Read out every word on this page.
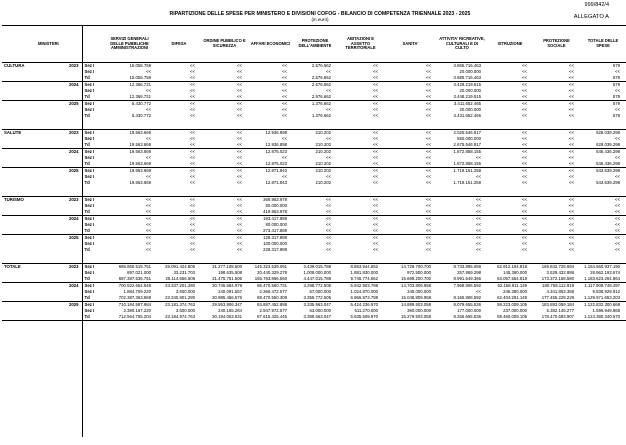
999/842/4
RIPARTIZIONE DELLE SPESE PER MINISTERO E DIVISIONI COFOG - BILANCIO DI COMPETENZA TRIENNALE 2023 - 2025
(in euro)	ALLEGATO A
MINISTERI			SERVIZI GENERALI DELLE PUBBLICHE AMMINISTRAZIONI	DIFESA	ORDINE PUBBLICO E SICUREZZA	AFFARI ECONOMICI	PROTEZIONE DELL'AMBIENTE	ABITAZIONI E ASSETTO TERRITORIALE	SANITA'	ATTIVITA' RICREATIVE, CULTURALI E DI CULTO	ISTRUZIONE	PROTEZIONE SOCIALE	TOTALE DELLE SPESE	
CULTURA	2023	Sez I	15.055.759	<<	<<	<<	2.576.662	<<	<<	3.865.716.463	<<	<<	579	
		Sez I	<<	<<	<<	<<	<<	<<	<<	20.000.000	<<	<<	<<	
		Td	15.055.759	<<	<<	<<	2.576.662	<<	<<	3.885.716.463	<<	<<	579	
	2024	Sez I	12.366.721	<<	<<	<<	2.576.662	<<	<<	3.428.219.515	<<	<<	579	
		Sez I	<<	<<	<<	<<	<<	<<	<<	20.000.000	<<	<<	<<	
		Td	12.366.721	<<	<<	<<	2.576.662	<<	<<	3.448.219.515	<<	<<	579	
	2025	Sez I	5.430.772	<<	<<	<<	1.376.662	<<	<<	3.411.652.465	<<	<<	579	
		Sez I	<<	<<	<<	<<	<<	<<	<<	20.000.000	<<	<<	<<	
		Td	5.430.772	<<	<<	<<	1.376.662	<<	<<	3.431.652.465	<<	<<	579	

SALUTE	2023	Sez I	19.563.669	<<	<<	12.936.898	210.202	<<	<<	2.025.546.917	<<	<<	628.039.298	
		Sez I	<<	<<	<<	<<	<<	<<	<<	650.000.000	<<	<<	<<	
		Td	19.563.669	<<	<<	12.936.898	210.202	<<	<<	2.675.546.917	<<	<<	628.039.298	
	2024	Sez I	19.563.669	<<	<<	12.875.023	210.202	<<	<<	1.872.858.155	<<	<<	546.436.298	
		Sez I	<<	<<	<<	<<	<<	<<	<<	<<	<<	<<	<<	
		Td	19.563.669	<<	<<	12.875.023	210.202	<<	<<	1.872.858.155	<<	<<	546.436.298	
	2025	Sez I	19.563.669	<<	<<	12.871.843	210.202	<<	<<	1.719.151.258	<<	<<	543.639.298	
		Sez I	<<	<<	<<	<<	<<	<<	<<	<<	<<	<<	<<	
		Td	19.563.669	<<	<<	12.871.843	210.202	<<	<<	1.719.151.258	<<	<<	543.639.298	

TURISMO	2023	Sez I	<<	<<	<<	369.963.978	<<	<<	<<	<<	<<	<<	<<	
		Sez I	<<	<<	<<	50.000.000	<<	<<	<<	<<	<<	<<	<<	
		Td	<<	<<	<<	419.963.978	<<	<<	<<	<<	<<	<<	<<	
	2024	Sez I	<<	<<	<<	193.417.889	<<	<<	<<	<<	<<	<<	<<	
		Sez I	<<	<<	<<	80.000.000	<<	<<	<<	<<	<<	<<	<<	
		Td	<<	<<	<<	273.417.889	<<	<<	<<	<<	<<	<<	<<	
	2025	Sez I	<<	<<	<<	128.317.889	<<	<<	<<	<<	<<	<<	<<	
		Sez I	<<	<<	<<	100.000.000	<<	<<	<<	<<	<<	<<	<<	
		Td	<<	<<	<<	228.317.889	<<	<<	<<	<<	<<	<<	<<	

TOTALE	2023	Sez I	686.860.515.751	25.091.424.805	31.277.108.600	145.323.539.091	3.439.015.788	8.863.944.662	14.728.700.700	8.733.885.059	62.912.194.818	169.842.725.694	1.154.660.937.190	
		Sez I	897.021.000	33.231.703	198.635.508	20.440.329.279	1.008.000.000	1.881.830.000	972.500.000	257.869.298	145.360.000	3.529.432.888	28.962.193.674	
		Td	687.387.536.751	25.114.656.508	31.475.751.506	165.763.866.560	4.447.015.788	9.745.774.662	15.699.200.700	8.991.549.366	63.057.554.818	173.372.158.580	1.183.623.264.864	
	2024	Sez I	700.522.654.648	23.337.201.280	30.745.584.979	86.470.560.731	3.298.772.505	5.942.903.798	14.703.809.958	7.968.806.592	62.158.911.149	180.758.112.918	1.117.908.748.497	
		Sez I	1.884.709.220	3.600.000	240.091.557	2.366.472.577	57.000.000	1.024.870.000	345.000.000	<<	246.380.000	4.341.863.358	9.838.929.912	
		Td	702.387.363.868	23.340.801.280	30.985.456.576	88.470.550.308	3.355.772.505	6.966.873.798	15.048.809.958	8.165.806.592	62.404.291.149	177.455.228.228	1.129.971.653.203	
	2025	Sez I	710.184.587.984	23.181.374.763	29.953.906.347	84.887.452.888	3.335.563.047	5.424.236.970	14.889.503.058	8.079.655.536	59.223.009.105	183.893.059.184	1.122.832.300.668	
		Sez I	2.380.167.220	3.600.000	240.165.284	2.947.972.577	63.000.000	511.270.000	390.000.000	177.000.000	237.000.000	5.382.145.277	1.596.949.868	
		Td	712.564.755.204	23.184.974.763	30.194.063.631	87.615.425.445	3.398.563.047	5.935.509.970	15.279.503.058	8.256.655.536	59.460.009.105	178.470.693.907	1.124.380.340.670	
